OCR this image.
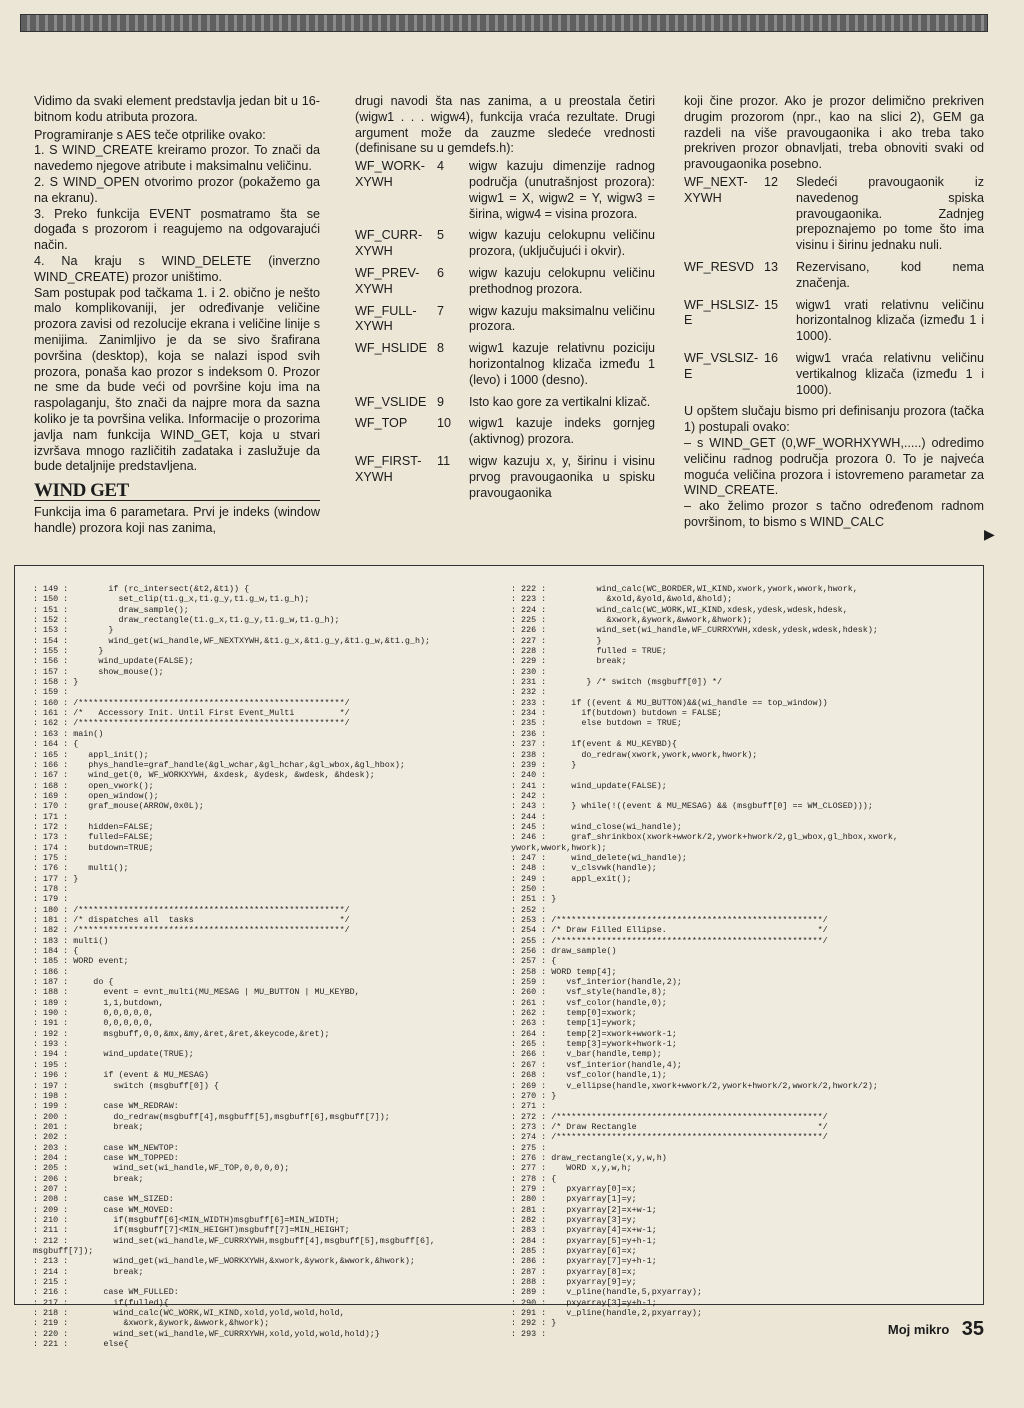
Vidimo da svaki element predstavlja jedan bit u 16-bitnom kodu atributa prozora.

Programiranje s AES teče otprilike ovako:

1. S WIND_CREATE kreiramo prozor. To znači da navedemo njegove atribute i maksimalnu veličinu.

2. S WIND_OPEN otvorimo prozor (pokažemo ga na ekranu).

3. Preko funkcija EVENT posmatramo šta se događa s prozorom i reagujemo na odgovarajući način.

4. Na kraju s WIND_DELETE (inverzno WIND_CREATE) prozor uništimo.

Sam postupak pod tačkama 1. i 2. obično je nešto malo komplikovaniji, jer određivanje veličine prozora zavisi od rezolucije ekrana i veličine linije s menijima. Zanimljivo je da se sivo šrafirana površina (desktop), koja se nalazi ispod svih prozora, ponaša kao prozor s indeksom 0. Prozor ne sme da bude veći od površine koju ima na raspolaganju, što znači da najpre mora da sazna koliko je ta površina velika. Informacije o prozorima javlja nam funkcija WIND_GET, koja u stvari izvršava mnogo različitih zadataka i zaslužuje da bude detaljnije predstavljena.

WIND GET

Funkcija ima 6 parametara. Prvi je indeks (window handle) prozora koji nas zanima,

drugi navodi šta nas zanima, a u preostala četiri (wigw1 . . . wigw4), funkcija vraća rezultate. Drugi argument može da zauzme sledeće vrednosti (definisane su u gemdefs.h):

WF_WORK-
XYWH	4	wigw kazuju dimenzije radnog područja (unutrašnjost prozora): wigw1 = X, wigw2 = Y, wigw3 = širina, wigw4 = visina prozora.
WF_CURR-
XYWH	5	wigw kazuju celokupnu veličinu prozora, (uključujući i okvir).
WF_PREV-
XYWH	6	wigw kazuju celokupnu veličinu prethodnog prozora.
WF_FULL-
XYWH	7	wigw kazuju maksimalnu veličinu prozora.
WF_HSLIDE	8	wigw1 kazuje relativnu poziciju horizontalnog klizača između 1 (levo) i 1000 (desno).
WF_VSLIDE	9	Isto kao gore za vertikalni klizač.
WF_TOP	10	wigw1 kazuje indeks gornjeg (aktivnog) prozora.
WF_FIRST-
XYWH	11	wigw kazuju x, y, širinu i visinu prvog pravougaonika u spisku pravougaonika

koji čine prozor. Ako je prozor delimično prekriven drugim prozorom (npr., kao na slici 2), GEM ga razdeli na više pravougaonika i ako treba tako prekriven prozor obnavljati, treba obnoviti svaki od pravougaonika posebno.

WF_NEXT-
XYWH	12	Sledeći pravougaonik iz navedenog spiska pravougaonika. Zadnjeg prepoznajemo po tome što ima visinu i širinu jednaku nuli.
WF_RESVD	13	Rezervisano, kod nema značenja.
WF_HSLSIZ-
E	15	wigw1 vrati relativnu veličinu horizontalnog klizača (između 1 i 1000).
WF_VSLSIZ-
E	16	wigw1 vraća relativnu veličinu vertikalnog klizača (između 1 i 1000).

U opštem slučaju bismo pri definisanju prozora (tačka 1) postupali ovako:
– s WIND_GET (0,WF_WORHXYWH,.....) odredimo veličinu radnog područja prozora 0. To je najveća moguća veličina prozora i istovremeno parametar za WIND_CREATE.
– ako želimo prozor s tačno određenom radnom površinom, to bismo s WIND_CALC

▶
: 149 :        if (rc_intersect(&t2,&t1)) {
: 150 :          set_clip(t1.g_x,t1.g_y,t1.g_w,t1.g_h);
: 151 :          draw_sample();
: 152 :          draw_rectangle(t1.g_x,t1.g_y,t1.g_w,t1.g_h);
: 153 :        }
: 154 :        wind_get(wi_handle,WF_NEXTXYWH,&t1.g_x,&t1.g_y,&t1.g_w,&t1.g_h);
: 155 :      }
: 156 :      wind_update(FALSE);
: 157 :      show_mouse();
: 158 : }
: 159 :
: 160 : /*****************************************************/
: 161 : /*   Accessory Init. Until First Event_Multi         */
: 162 : /*****************************************************/
: 163 : main()
: 164 : {
: 165 :    appl_init();
: 166 :    phys_handle=graf_handle(&gl_wchar,&gl_hchar,&gl_wbox,&gl_hbox);
: 167 :    wind_get(0, WF_WORKXYWH, &xdesk, &ydesk, &wdesk, &hdesk);
: 168 :    open_vwork();
: 169 :    open_window();
: 170 :    graf_mouse(ARROW,0x0L);
: 171 :
: 172 :    hidden=FALSE;
: 173 :    fulled=FALSE;
: 174 :    butdown=TRUE;
: 175 :
: 176 :    multi();
: 177 : }
: 178 :
: 179 :
: 180 : /*****************************************************/
: 181 : /* dispatches all  tasks                             */
: 182 : /*****************************************************/
: 183 : multi()
: 184 : {
: 185 : WORD event;
: 186 :
: 187 :     do {
: 188 :       event = evnt_multi(MU_MESAG | MU_BUTTON | MU_KEYBD,
: 189 :       1,1,butdown,
: 190 :       0,0,0,0,0,
: 191 :       0,0,0,0,0,
: 192 :       msgbuff,0,0,&mx,&my,&ret,&ret,&keycode,&ret);
: 193 :
: 194 :       wind_update(TRUE);
: 195 :
: 196 :       if (event & MU_MESAG)
: 197 :         switch (msgbuff[0]) {
: 198 :
: 199 :       case WM_REDRAW:
: 200 :         do_redraw(msgbuff[4],msgbuff[5],msgbuff[6],msgbuff[7]);
: 201 :         break;
: 202 :
: 203 :       case WM_NEWTOP:
: 204 :       case WM_TOPPED:
: 205 :         wind_set(wi_handle,WF_TOP,0,0,0,0);
: 206 :         break;
: 207 :
: 208 :       case WM_SIZED:
: 209 :       case WM_MOVED:
: 210 :         if(msgbuff[6]<MIN_WIDTH)msgbuff[6]=MIN_WIDTH;
: 211 :         if(msgbuff[7]<MIN_HEIGHT)msgbuff[7]=MIN_HEIGHT;
: 212 :         wind_set(wi_handle,WF_CURRXYWH,msgbuff[4],msgbuff[5],msgbuff[6],
msgbuff[7]);
: 213 :         wind_get(wi_handle,WF_WORKXYWH,&xwork,&ywork,&wwork,&hwork);
: 214 :         break;
: 215 :
: 216 :       case WM_FULLED:
: 217 :         if(fulled){
: 218 :         wind_calc(WC_WORK,WI_KIND,xold,yold,wold,hold,
: 219 :           &xwork,&ywork,&wwork,&hwork);
: 220 :         wind_set(wi_handle,WF_CURRXYWH,xold,yold,wold,hold);}
: 221 :       else{
: 222 :          wind_calc(WC_BORDER,WI_KIND,xwork,ywork,wwork,hwork,
: 223 :            &xold,&yold,&wold,&hold);
: 224 :          wind_calc(WC_WORK,WI_KIND,xdesk,ydesk,wdesk,hdesk,
: 225 :            &xwork,&ywork,&wwork,&hwork);
: 226 :          wind_set(wi_handle,WF_CURRXYWH,xdesk,ydesk,wdesk,hdesk);
: 227 :          }
: 228 :          fulled = TRUE;
: 229 :          break;
: 230 :
: 231 :        } /* switch (msgbuff[0]) */
: 232 :
: 233 :     if ((event & MU_BUTTON)&&(wi_handle == top_window))
: 234 :       if(butdown) butdown = FALSE;
: 235 :       else butdown = TRUE;
: 236 :
: 237 :     if(event & MU_KEYBD){
: 238 :       do_redraw(xwork,ywork,wwork,hwork);
: 239 :     }
: 240 :
: 241 :     wind_update(FALSE);
: 242 :
: 243 :     } while(!((event & MU_MESAG) && (msgbuff[0] == WM_CLOSED)));
: 244 :
: 245 :     wind_close(wi_handle);
: 246 :     graf_shrinkbox(xwork+wwork/2,ywork+hwork/2,gl_wbox,gl_hbox,xwork,
ywork,wwork,hwork);
: 247 :     wind_delete(wi_handle);
: 248 :     v_clsvwk(handle);
: 249 :     appl_exit();
: 250 :
: 251 : }
: 252 :
: 253 : /*****************************************************/
: 254 : /* Draw Filled Ellipse.                              */
: 255 : /*****************************************************/
: 256 : draw_sample()
: 257 : {
: 258 : WORD temp[4];
: 259 :    vsf_interior(handle,2);
: 260 :    vsf_style(handle,8);
: 261 :    vsf_color(handle,0);
: 262 :    temp[0]=xwork;
: 263 :    temp[1]=ywork;
: 264 :    temp[2]=xwork+wwork-1;
: 265 :    temp[3]=ywork+hwork-1;
: 266 :    v_bar(handle,temp);
: 267 :    vsf_interior(handle,4);
: 268 :    vsf_color(handle,1);
: 269 :    v_ellipse(handle,xwork+wwork/2,ywork+hwork/2,wwork/2,hwork/2);
: 270 : }
: 271 :
: 272 : /*****************************************************/
: 273 : /* Draw Rectangle                                    */
: 274 : /*****************************************************/
: 275 :
: 276 : draw_rectangle(x,y,w,h)
: 277 :    WORD x,y,w,h;
: 278 : {
: 279 :    pxyarray[0]=x;
: 280 :    pxyarray[1]=y;
: 281 :    pxyarray[2]=x+w-1;
: 282 :    pxyarray[3]=y;
: 283 :    pxyarray[4]=x+w-1;
: 284 :    pxyarray[5]=y+h-1;
: 285 :    pxyarray[6]=x;
: 286 :    pxyarray[7]=y+h-1;
: 287 :    pxyarray[8]=x;
: 288 :    pxyarray[9]=y;
: 289 :    v_pline(handle,5,pxyarray);
: 290 :    pxyarray[3]=y+h-1;
: 291 :    v_pline(handle,2,pxyarray);
: 292 : }
: 293 :	Moj mikro 35
